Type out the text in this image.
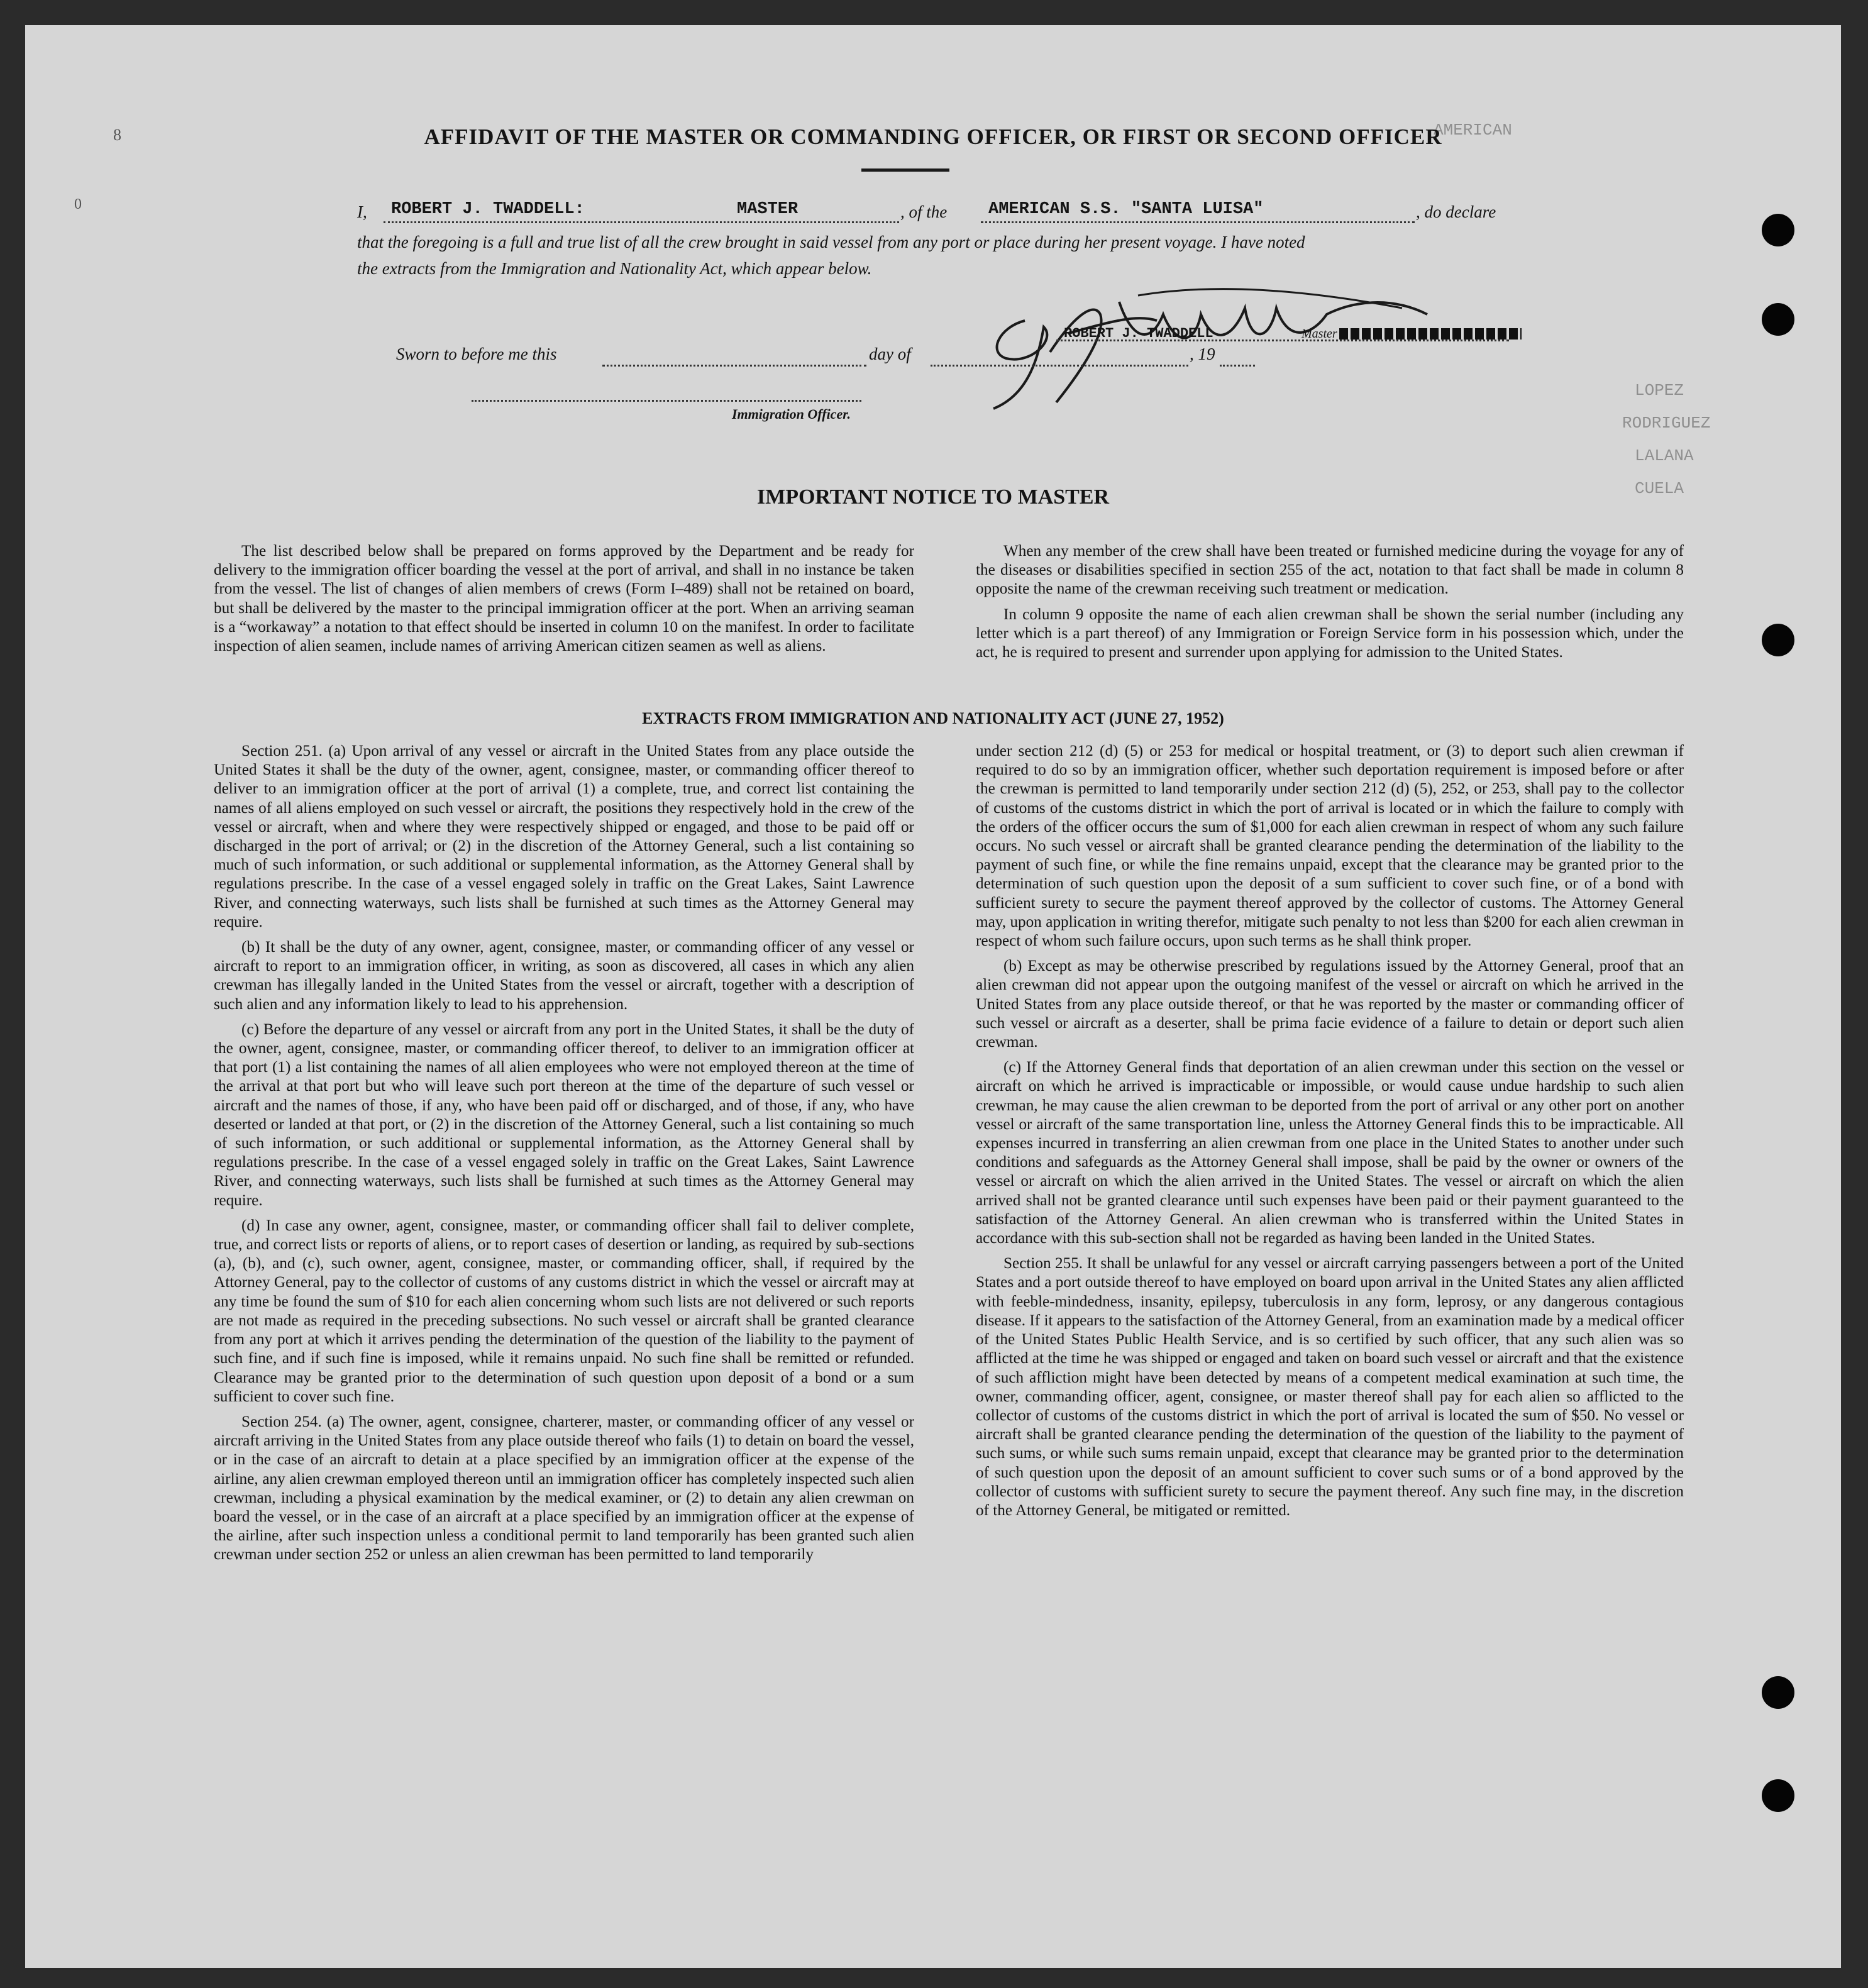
AMERICAN
LOPEZ
RODRIGUEZ
LALANA
CUELA
8
0
AFFIDAVIT OF THE MASTER OR COMMANDING OFFICER, OR FIRST OR SECOND OFFICER
I, ROBERT J. TWADDELL:	MASTER	, of the AMERICAN S.S. "SANTA LUISA"	, do declare
that the foregoing is a full and true list of all the crew brought in said vessel from any port or place during her present voyage. I have noted
the extracts from the Immigration and Nationality Act, which appear below.
ROBERT J. TWADDELL	Master
Sworn to before me this	day of	, 19
Immigration Officer.
IMPORTANT NOTICE TO MASTER

The list described below shall be prepared on forms approved by the Department and be ready for delivery to the immigration officer boarding the vessel at the port of arrival, and shall in no instance be taken from the vessel. The list of changes of alien members of crews (Form I–489) shall not be retained on board, but shall be delivered by the master to the principal immigration officer at the port. When an arriving seaman is a “workaway” a notation to that effect should be inserted in column 10 on the manifest. In order to facilitate inspection of alien seamen, include names of arriving American citizen seamen as well as aliens.

When any member of the crew shall have been treated or furnished medicine during the voyage for any of the diseases or disabilities specified in section 255 of the act, notation to that fact shall be made in column 8 opposite the name of the crewman receiving such treatment or medication.

In column 9 opposite the name of each alien crewman shall be shown the serial number (including any letter which is a part thereof) of any Immigration or Foreign Service form in his possession which, under the act, he is required to present and surrender upon applying for admission to the United States.

EXTRACTS FROM IMMIGRATION AND NATIONALITY ACT (JUNE 27, 1952)

Section 251. (a) Upon arrival of any vessel or aircraft in the United States from any place outside the United States it shall be the duty of the owner, agent, consignee, master, or commanding officer thereof to deliver to an immigration officer at the port of arrival (1) a complete, true, and correct list containing the names of all aliens employed on such vessel or aircraft, the positions they respectively hold in the crew of the vessel or aircraft, when and where they were respectively shipped or engaged, and those to be paid off or discharged in the port of arrival; or (2) in the discretion of the Attorney General, such a list containing so much of such information, or such additional or supplemental information, as the Attorney General shall by regulations prescribe. In the case of a vessel engaged solely in traffic on the Great Lakes, Saint Lawrence River, and connecting waterways, such lists shall be furnished at such times as the Attorney General may require.

(b) It shall be the duty of any owner, agent, consignee, master, or commanding officer of any vessel or aircraft to report to an immigration officer, in writing, as soon as discovered, all cases in which any alien crewman has illegally landed in the United States from the vessel or aircraft, together with a description of such alien and any information likely to lead to his apprehension.

(c) Before the departure of any vessel or aircraft from any port in the United States, it shall be the duty of the owner, agent, consignee, master, or commanding officer thereof, to deliver to an immigration officer at that port (1) a list containing the names of all alien employees who were not employed thereon at the time of the arrival at that port but who will leave such port thereon at the time of the departure of such vessel or aircraft and the names of those, if any, who have been paid off or discharged, and of those, if any, who have deserted or landed at that port, or (2) in the discretion of the Attorney General, such a list containing so much of such information, or such additional or supplemental information, as the Attorney General shall by regulations prescribe. In the case of a vessel engaged solely in traffic on the Great Lakes, Saint Lawrence River, and connecting waterways, such lists shall be furnished at such times as the Attorney General may require.

(d) In case any owner, agent, consignee, master, or commanding officer shall fail to deliver complete, true, and correct lists or reports of aliens, or to report cases of desertion or landing, as required by sub-sections (a), (b), and (c), such owner, agent, consignee, master, or commanding officer, shall, if required by the Attorney General, pay to the collector of customs of any customs district in which the vessel or aircraft may at any time be found the sum of $10 for each alien concerning whom such lists are not delivered or such reports are not made as required in the preceding subsections. No such vessel or aircraft shall be granted clearance from any port at which it arrives pending the determination of the question of the liability to the payment of such fine, and if such fine is imposed, while it remains unpaid. No such fine shall be remitted or refunded. Clearance may be granted prior to the determination of such question upon deposit of a bond or a sum sufficient to cover such fine.

Section 254. (a) The owner, agent, consignee, charterer, master, or commanding officer of any vessel or aircraft arriving in the United States from any place outside thereof who fails (1) to detain on board the vessel, or in the case of an aircraft to detain at a place specified by an immigration officer at the expense of the airline, any alien crewman employed thereon until an immigration officer has completely inspected such alien crewman, including a physical examination by the medical examiner, or (2) to detain any alien crewman on board the vessel, or in the case of an aircraft at a place specified by an immigration officer at the expense of the airline, after such inspection unless a conditional permit to land temporarily has been granted such alien crewman under section 252 or unless an alien crewman has been permitted to land temporarily

under section 212 (d) (5) or 253 for medical or hospital treatment, or (3) to deport such alien crewman if required to do so by an immigration officer, whether such deportation requirement is imposed before or after the crewman is permitted to land temporarily under section 212 (d) (5), 252, or 253, shall pay to the collector of customs of the customs district in which the port of arrival is located or in which the failure to comply with the orders of the officer occurs the sum of $1,000 for each alien crewman in respect of whom any such failure occurs. No such vessel or aircraft shall be granted clearance pending the determination of the liability to the payment of such fine, or while the fine remains unpaid, except that the clearance may be granted prior to the determination of such question upon the deposit of a sum sufficient to cover such fine, or of a bond with sufficient surety to secure the payment thereof approved by the collector of customs. The Attorney General may, upon application in writing therefor, mitigate such penalty to not less than $200 for each alien crewman in respect of whom such failure occurs, upon such terms as he shall think proper.

(b) Except as may be otherwise prescribed by regulations issued by the Attorney General, proof that an alien crewman did not appear upon the outgoing manifest of the vessel or aircraft on which he arrived in the United States from any place outside thereof, or that he was reported by the master or commanding officer of such vessel or aircraft as a deserter, shall be prima facie evidence of a failure to detain or deport such alien crewman.

(c) If the Attorney General finds that deportation of an alien crewman under this section on the vessel or aircraft on which he arrived is impracticable or impossible, or would cause undue hardship to such alien crewman, he may cause the alien crewman to be deported from the port of arrival or any other port on another vessel or aircraft of the same transportation line, unless the Attorney General finds this to be impracticable. All expenses incurred in transferring an alien crewman from one place in the United States to another under such conditions and safeguards as the Attorney General shall impose, shall be paid by the owner or owners of the vessel or aircraft on which the alien arrived in the United States. The vessel or aircraft on which the alien arrived shall not be granted clearance until such expenses have been paid or their payment guaranteed to the satisfaction of the Attorney General. An alien crewman who is transferred within the United States in accordance with this sub-section shall not be regarded as having been landed in the United States.

Section 255. It shall be unlawful for any vessel or aircraft carrying passengers between a port of the United States and a port outside thereof to have employed on board upon arrival in the United States any alien afflicted with feeble-mindedness, insanity, epilepsy, tuberculosis in any form, leprosy, or any dangerous contagious disease. If it appears to the satisfaction of the Attorney General, from an examination made by a medical officer of the United States Public Health Service, and is so certified by such officer, that any such alien was so afflicted at the time he was shipped or engaged and taken on board such vessel or aircraft and that the existence of such affliction might have been detected by means of a competent medical examination at such time, the owner, commanding officer, agent, consignee, or master thereof shall pay for each alien so afflicted to the collector of customs of the customs district in which the port of arrival is located the sum of $50. No vessel or aircraft shall be granted clearance pending the determination of the question of the liability to the payment of such sums, or while such sums remain unpaid, except that clearance may be granted prior to the determination of such question upon the deposit of an amount sufficient to cover such sums or of a bond approved by the collector of customs with sufficient surety to secure the payment thereof. Any such fine may, in the discretion of the Attorney General, be mitigated or remitted.
